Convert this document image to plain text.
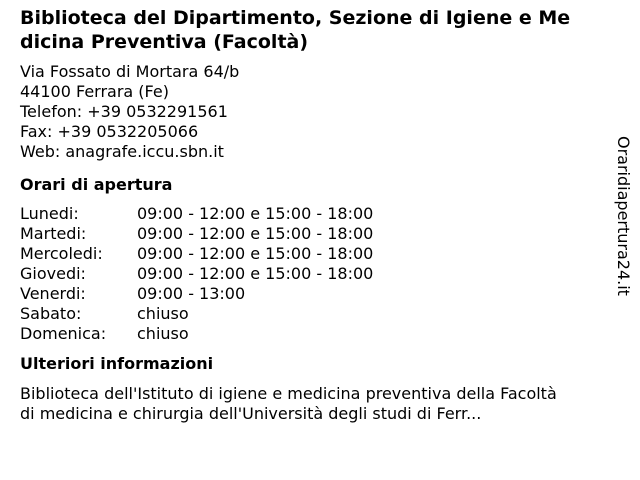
Biblioteca del Dipartimento, Sezione di Igiene e Medicina Preventiva (Facoltà)
Via Fossato di Mortara 64/b
44100 Ferrara (Fe)
Telefon: +39 0532291561
Fax: +39 0532205066
Web: anagrafe.iccu.sbn.it
Orari di apertura
Lunedi:	09:00 - 12:00 e 15:00 - 18:00
Martedi:	09:00 - 12:00 e 15:00 - 18:00
Mercoledi:	09:00 - 12:00 e 15:00 - 18:00
Giovedi:	09:00 - 12:00 e 15:00 - 18:00
Venerdi:	09:00 - 13:00
Sabato:	chiuso
Domenica:	chiuso
Ulteriori informazioni
Biblioteca dell'Istituto di igiene e medicina preventiva della Facoltà di medicina e chirurgia dell'Università degli studi di Ferr...
Oraridiapertura24.it
